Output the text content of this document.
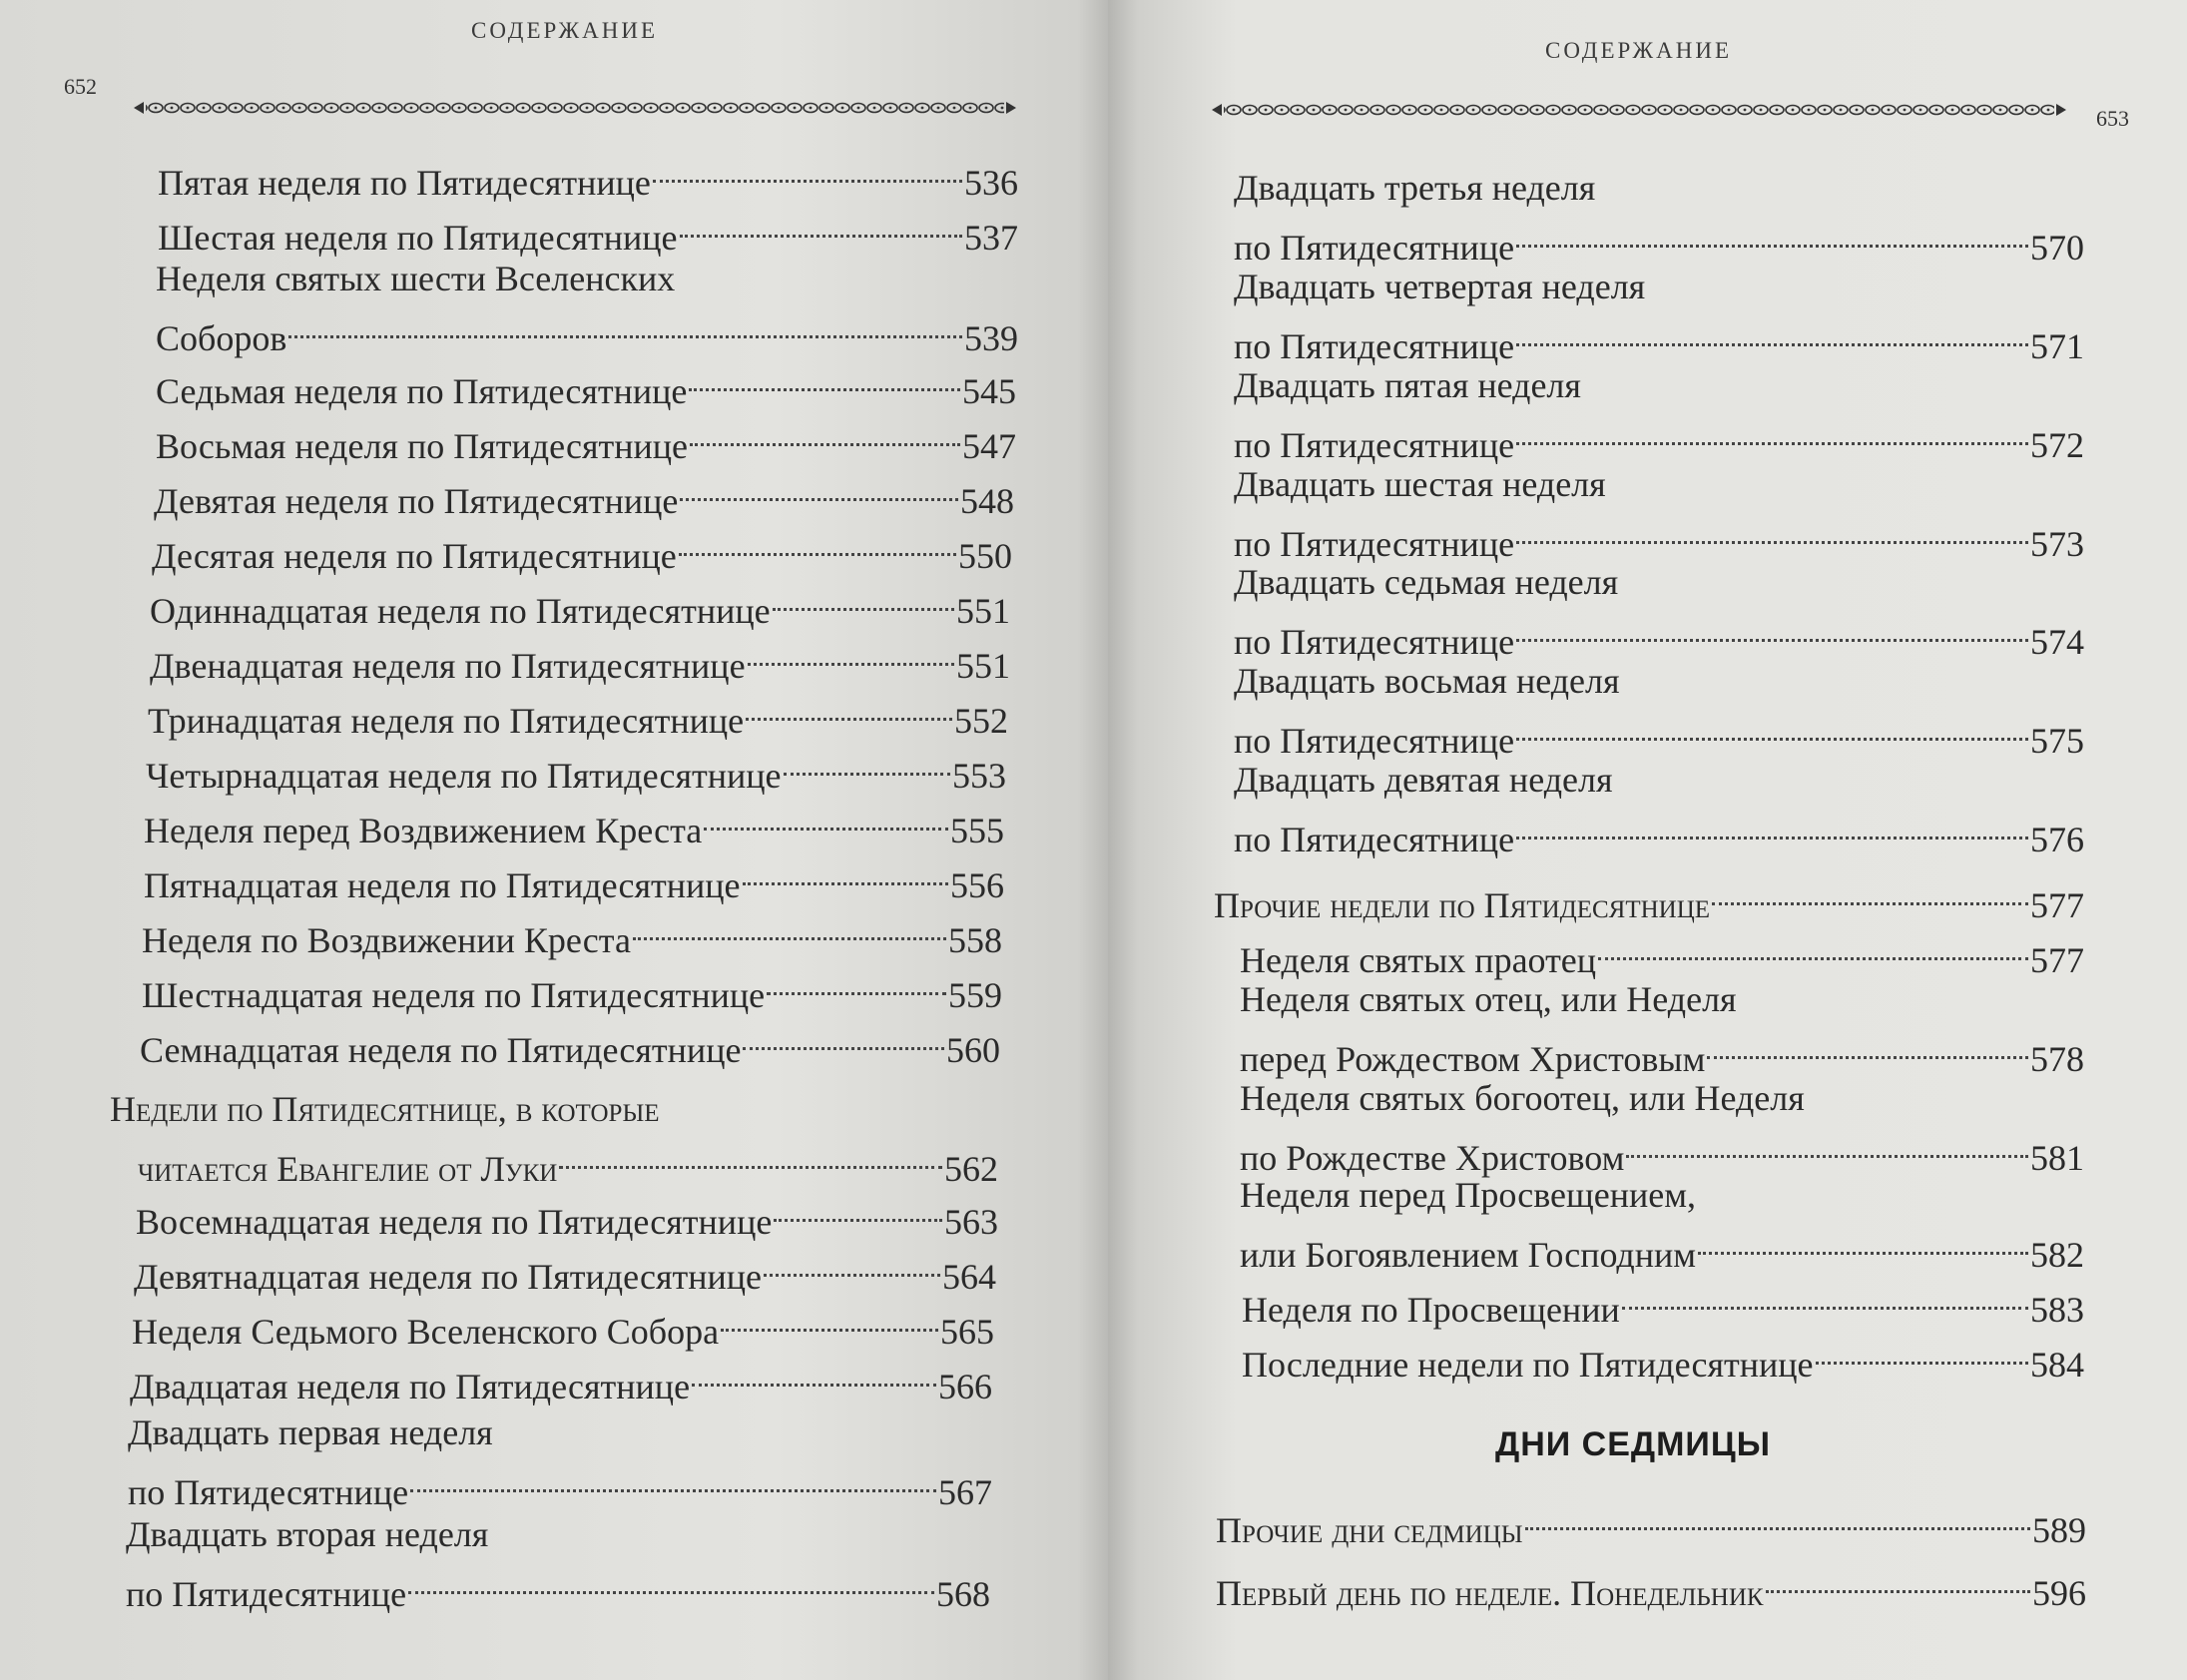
СОДЕРЖАНИЕ
652
Пятая неделя по Пятидесятнице	536
Шестая неделя по Пятидесятнице	537
Неделя святых шести Вселенских
Соборов	539
Седьмая неделя по Пятидесятнице	545
Восьмая неделя по Пятидесятнице	547
Девятая неделя по Пятидесятнице	548
Десятая неделя по Пятидесятнице	550
Одиннадцатая неделя по Пятидесятнице	551
Двенадцатая неделя по Пятидесятнице	551
Тринадцатая неделя по Пятидесятнице	552
Четырнадцатая неделя по Пятидесятнице	553
Неделя перед Воздвижением Креста	555
Пятнадцатая неделя по Пятидесятнице	556
Неделя по Воздвижении Креста	558
Шестнадцатая неделя по Пятидесятнице	559
Семнадцатая неделя по Пятидесятнице	560
Недели по Пятидесятнице, в которые
читается Евангелие от Луки	562
Восемнадцатая неделя по Пятидесятнице	563
Девятнадцатая неделя по Пятидесятнице	564
Неделя Седьмого Вселенского Собора	565
Двадцатая неделя по Пятидесятнице	566
Двадцать первая неделя
по Пятидесятнице	567
Двадцать вторая неделя
по Пятидесятнице	568
СОДЕРЖАНИЕ
653
Двадцать третья неделя
по Пятидесятнице	570
Двадцать четвертая неделя
по Пятидесятнице	571
Двадцать пятая неделя
по Пятидесятнице	572
Двадцать шестая неделя
по Пятидесятнице	573
Двадцать седьмая неделя
по Пятидесятнице	574
Двадцать восьмая неделя
по Пятидесятнице	575
Двадцать девятая неделя
по Пятидесятнице	576
Прочие недели по Пятидесятнице	577
Неделя святых праотец	577
Неделя святых отец, или Неделя
перед Рождеством Христовым	578
Неделя святых богоотец, или Неделя
по Рождестве Христовом	581
Неделя перед Просвещением,
или Богоявлением Господним	582
Неделя по Просвещении	583
Последние недели по Пятидесятнице	584
ДНИ СЕДМИЦЫ
Прочие дни седмицы	589
Первый день по неделе. Понедельник	596
